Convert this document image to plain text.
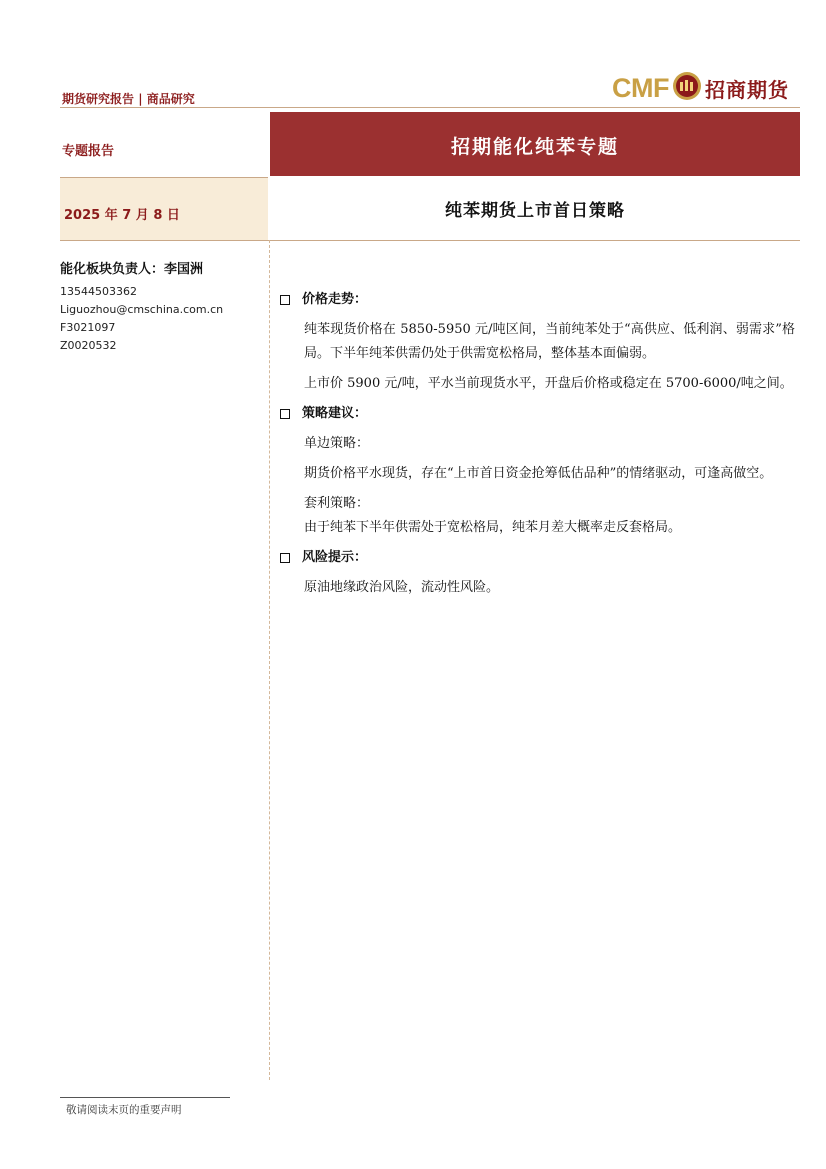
期货研究报告 | 商品研究	CMF 招商期货
专题报告
2025 年 7 月 8 日
招期能化纯苯专题
纯苯期货上市首日策略
能化板块负责人：李国洲
13544503362
Liguozhou@cmschina.com.cn
F3021097
Z0020532
价格走势：
纯苯现货价格在 5850-5950 元/吨区间，当前纯苯处于“高供应、低利润、弱需求”格局。下半年纯苯供需仍处于供需宽松格局，整体基本面偏弱。
上市价 5900 元/吨，平水当前现货水平，开盘后价格或稳定在 5700-6000/吨之间。
策略建议：
单边策略：
期货价格平水现货，存在“上市首日资金抢筹低估品种”的情绪驱动，可逢高做空。
套利策略：
由于纯苯下半年供需处于宽松格局，纯苯月差大概率走反套格局。
风险提示：
原油地缘政治风险，流动性风险。
敬请阅读末页的重要声明
